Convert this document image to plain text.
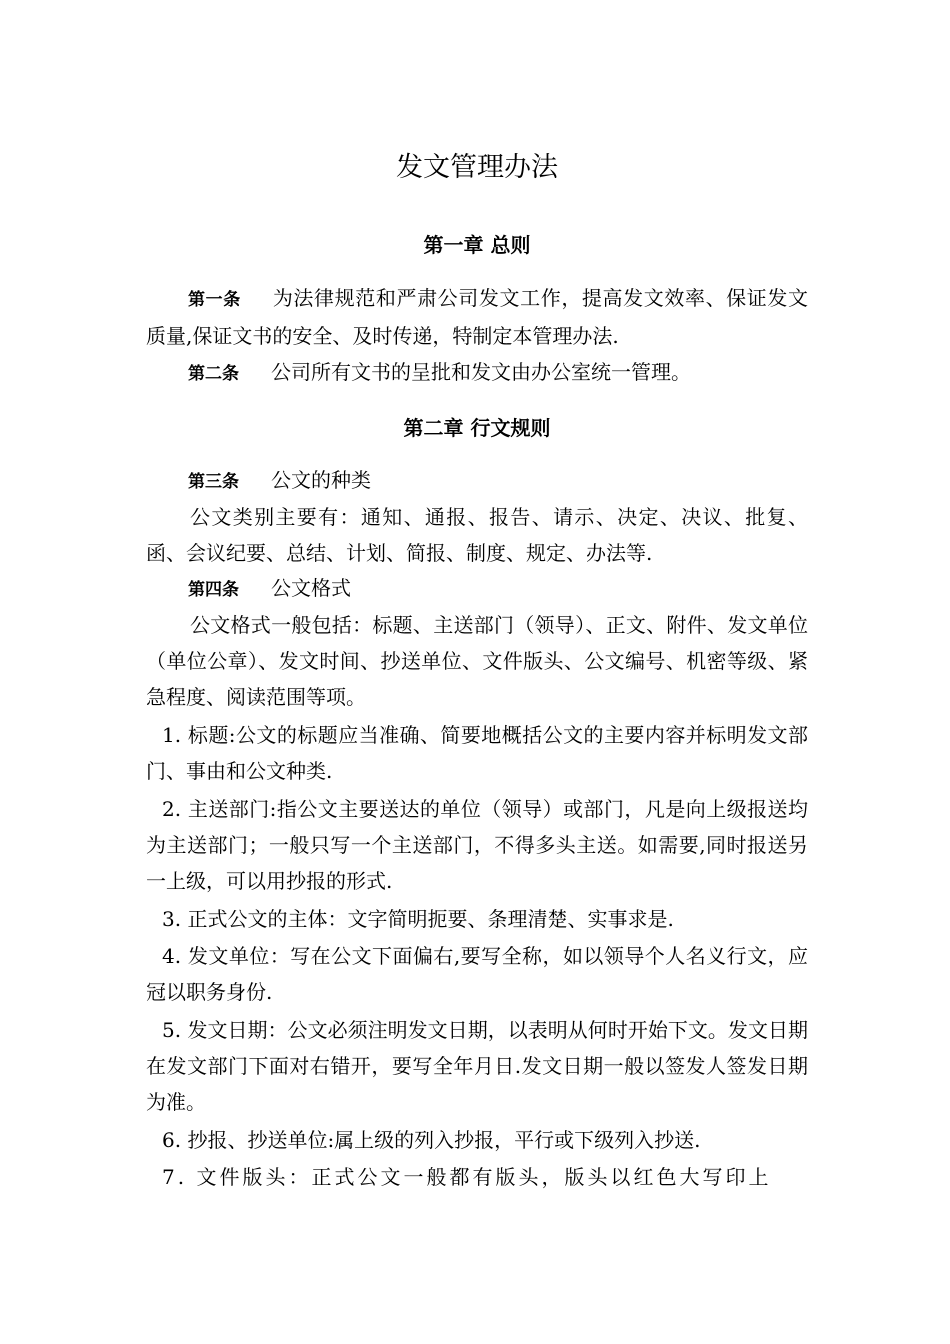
发文管理办法
第一章 总则
第一条 为法律规范和严肃公司发文工作，提高发文效率、保证发文质量,保证文书的安全、及时传递，特制定本管理办法.
第二条 公司所有文书的呈批和发文由办公室统一管理。
第二章 行文规则
第三条 公文的种类
公文类别主要有：通知、通报、报告、请示、决定、决议、批复、函、会议纪要、总结、计划、简报、制度、规定、办法等.
第四条 公文格式
公文格式一般包括：标题、主送部门（领导）、正文、附件、发文单位（单位公章）、发文时间、抄送单位、文件版头、公文编号、机密等级、紧急程度、阅读范围等项。
1. 标题:公文的标题应当准确、简要地概括公文的主要内容并标明发文部门、事由和公文种类.
2. 主送部门:指公文主要送达的单位（领导）或部门，凡是向上级报送均为主送部门；一般只写一个主送部门，不得多头主送。如需要,同时报送另一上级，可以用抄报的形式.
3. 正式公文的主体：文字简明扼要、条理清楚、实事求是.
4. 发文单位：写在公文下面偏右,要写全称，如以领导个人名义行文，应冠以职务身份.
5. 发文日期：公文必须注明发文日期，以表明从何时开始下文。发文日期在发文部门下面对右错开，要写全年月日.发文日期一般以签发人签发日期为准。
6. 抄报、抄送单位:属上级的列入抄报，平行或下级列入抄送.
7. 文件版头：正式公文一般都有版头，版头以红色大写印上
